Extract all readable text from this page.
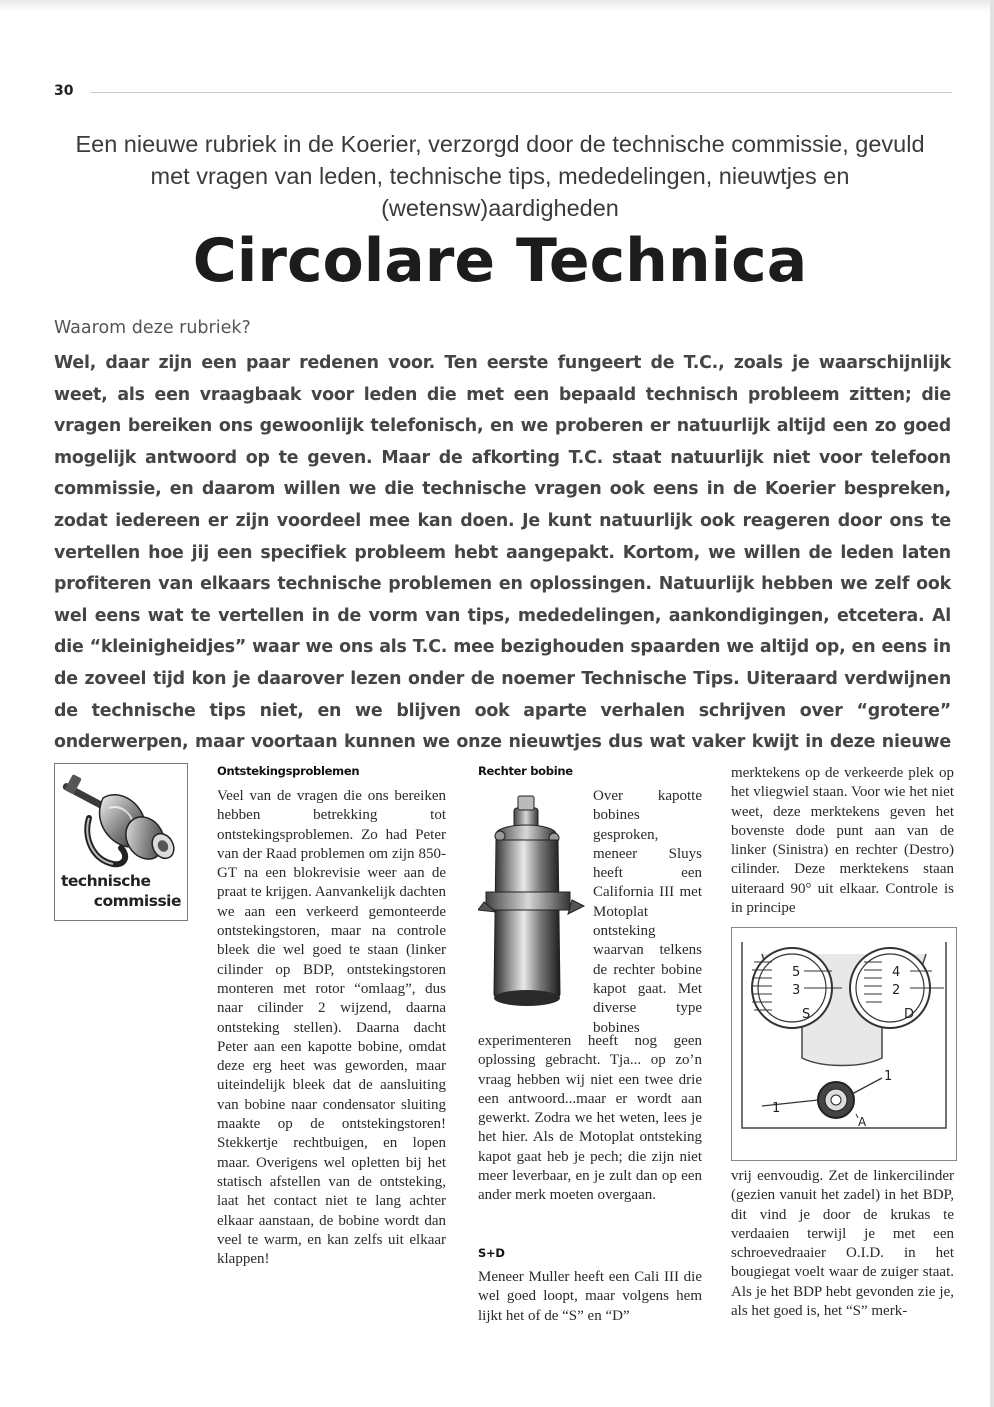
30
Een nieuwe rubriek in de Koerier, verzorgd door de technische commissie, gevuld met vragen van leden, technische tips, mededelingen, nieuwtjes en (wetensw)aardigheden
Circolare Technica
Waarom deze rubriek?
Wel, daar zijn een paar redenen voor. Ten eerste fungeert de T.C., zoals je waarschijnlijk weet, als een vraagbaak voor leden die met een bepaald technisch probleem zitten; die vragen bereiken ons gewoonlijk telefonisch, en we proberen er natuurlijk altijd een zo goed mogelijk antwoord op te geven. Maar de afkorting T.C. staat natuurlijk niet voor telefoon commissie, en daarom willen we die technische vragen ook eens in de Koerier bespreken, zodat iedereen er zijn voordeel mee kan doen. Je kunt natuurlijk ook reageren door ons te vertellen hoe jij een specifiek probleem hebt aangepakt. Kortom, we willen de leden laten profiteren van elkaars technische problemen en oplossingen. Natuurlijk hebben we zelf ook wel eens wat te vertellen in de vorm van tips, mededelingen, aankondigingen, etcetera. Al die “kleinigheidjes” waar we ons als T.C. mee bezighouden spaarden we altijd op, en eens in de zoveel tijd kon je daarover lezen onder de noemer Technische Tips. Uiteraard verdwijnen de technische tips niet, en we blijven ook aparte verhalen schrijven over “grotere” onderwerpen, maar voortaan kunnen we onze nieuwtjes dus wat vaker kwijt in deze nieuwe
technische
commissie
Ontstekingsproblemen

Veel van de vragen die ons bereiken hebben betrekking tot ontstekingsproblemen. Zo had Peter van der Raad problemen om zijn 850-GT na een blokrevisie weer aan de praat te krijgen. Aanvankelijk dachten we aan een verkeerd gemonteerde ontstekingstoren, maar na controle bleek die wel goed te staan (linker cilinder op BDP, ontstekingstoren monteren met rotor “omlaag”, dus naar cilinder 2 wijzend, daarna ontsteking stellen). Daarna dacht Peter aan een kapotte bobine, omdat deze erg heet was geworden, maar uiteindelijk bleek dat de aansluiting van bobine naar condensator sluiting maakte op de ontstekingstoren! Stekkertje rechtbuigen, en lopen maar. Overigens wel opletten bij het statisch afstellen van de ontsteking, laat het contact niet te lang achter elkaar aanstaan, de bobine wordt dan veel te warm, en kan zelfs uit elkaar klappen!

Rechter bobine

Over kapotte bobines gesproken, meneer Sluys heeft een California III met Motoplat ontsteking waarvan telkens de rechter bobine kapot gaat. Met diverse type bobines

experimenteren heeft nog geen oplossing gebracht. Tja... op zo’n vraag hebben wij niet een twee drie een antwoord...maar er wordt aan gewerkt. Zodra we het weten, lees je het hier. Als de Motoplat ontsteking kapot gaat heb je pech; die zijn niet meer leverbaar, en je zult dan op een ander merk moeten overgaan.

S+D

Meneer Muller heeft een Cali III die wel goed loopt, maar volgens hem lijkt het of de “S” en “D”

merktekens op de verkeerde plek op het vliegwiel staan. Voor wie het niet weet, deze merktekens geven het bovenste dode punt aan van de linker (Sinistra) en rechter (Destro) cilinder. Deze merktekens staan uiteraard 90° uit elkaar. Controle is in principe

5
3
S
4
2
D
1
1
A

vrij eenvoudig. Zet de linkercilinder (gezien vanuit het zadel) in het BDP, dit vind je door de krukas te verdaaien terwijl je met een schroevedraaier O.I.D. in het bougiegat voelt waar de zuiger staat. Als je het BDP hebt gevonden zie je, als het goed is, het “S” merk-
